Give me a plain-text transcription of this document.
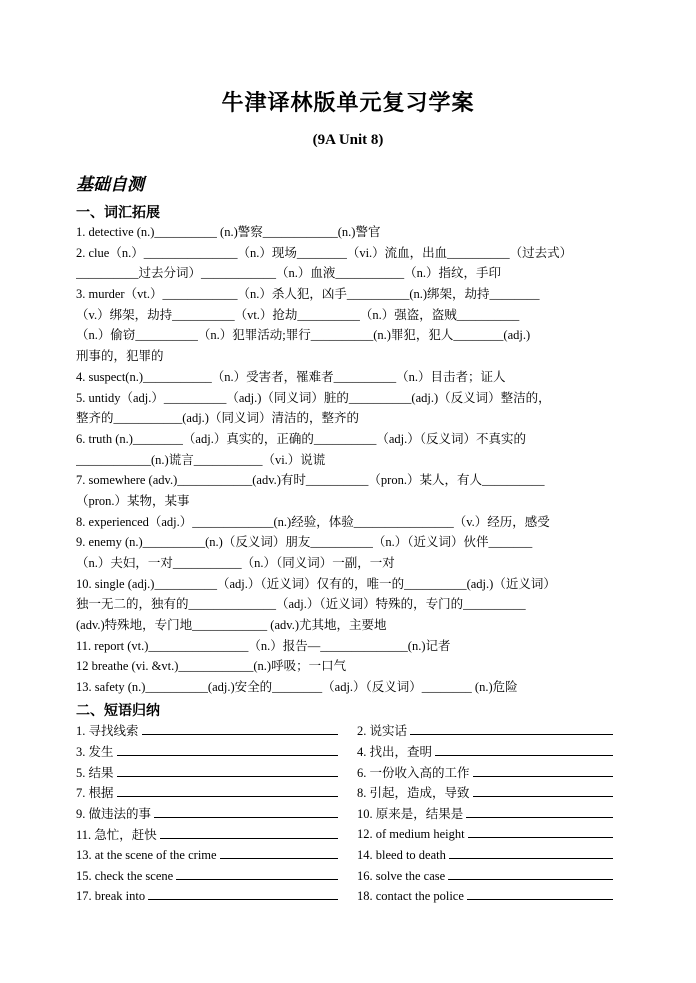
牛津译林版单元复习学案
(9A Unit 8)
基础自测
一、词汇拓展
1. detective (n.)__________ (n.)警察____________(n.)警官
2. clue（n.）_______________（n.）现场________（vi.）流血，出血__________（过去式）
__________过去分词）____________（n.）血液___________（n.）指纹，手印
3. murder（vt.）____________（n.）杀人犯，凶手__________(n.)绑架，劫持________
（v.）绑架，劫持__________（vt.）抢劫__________（n.）强盗，盗贼__________
（n.）偷窃__________（n.）犯罪活动;罪行__________(n.)罪犯，犯人________(adj.)
刑事的，犯罪的
4. suspect(n.)___________（n.）受害者，罹难者__________（n.）目击者；证人
5. untidy（adj.）__________（adj.)（同义词）脏的__________(adj.)（反义词）整洁的，
整齐的___________(adj.)（同义词）清洁的，整齐的
6. truth (n.)________（adj.）真实的，正确的__________（adj.）（反义词）不真实的
____________(n.)谎言___________（vi.）说谎
7. somewhere (adv.)____________(adv.)有时__________（pron.）某人，有人__________
（pron.）某物，某事
8. experienced（adj.）_____________(n.)经验，体验________________（v.）经历，感受
9. enemy (n.)__________(n.)（反义词）朋友__________（n.）（近义词）伙伴_______
（n.）夫妇，一对___________（n.）（同义词）一副，一对
10. single (adj.)__________（adj.）（近义词）仅有的，唯一的__________(adj.)（近义词）
独一无二的，独有的______________（adj.）（近义词）特殊的，专门的__________
(adv.)特殊地，专门地____________ (adv.)尤其地，主要地
11. report (vt.)________________（n.）报告—______________(n.)记者
12 breathe (vi. &vt.)____________(n.)呼吸；一口气
13. safety (n.)__________(adj.)安全的________（adj.）（反义词）________ (n.)危险
二、短语归纳
1. 寻找线索	2. 说实话
3. 发生	4. 找出，查明
5. 结果	6. 一份收入高的工作
7. 根据	8. 引起，造成，导致
9. 做违法的事	10. 原来是，结果是
11. 急忙，赶快	12. of medium height
13. at the scene of the crime	14. bleed to death
15. check the scene	16. solve the case
17. break into	18. contact the police
